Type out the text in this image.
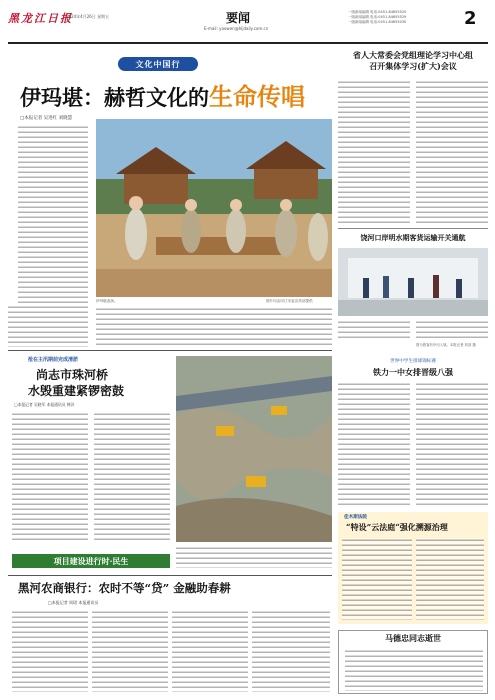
黑龙江日报
2024年4月26日 星期五	要闻
E-mail: yaowen@hljdaily.com.cn
一版新闻编辑 电话:0451-84655520
一版新闻编辑 电话:0451-84655529
一版新闻编辑 电话:0451-84655030	2
文化中国行
伊玛堪：赫哲文化的生命传唱
□本报记者 吴进红 刘晓慧
伊玛堪表演。	图片均由同江市委宣传部提供
省人大常委会党组理论学习中心组
召开集体学习(扩大)会议
饶河口岸明水期客货运输开关通航
图为旅客有序出入境。本报记者 刘剑 摄
抢在主汛期前完成清淤
尚志市珠河桥
水毁重建紧锣密鼓
□本报记者 吴晓军 本报通讯员 韩洋
项目建设进行时·民生
世界中学生排球锦标赛
铁力一中女排晋级八强
佳木斯法院
“特设”云法庭“强化溯源治理
黑河农商银行：农时不等“贷” 金融助春耕
□本报记者 周珺 本报通讯员
马德忠同志逝世
